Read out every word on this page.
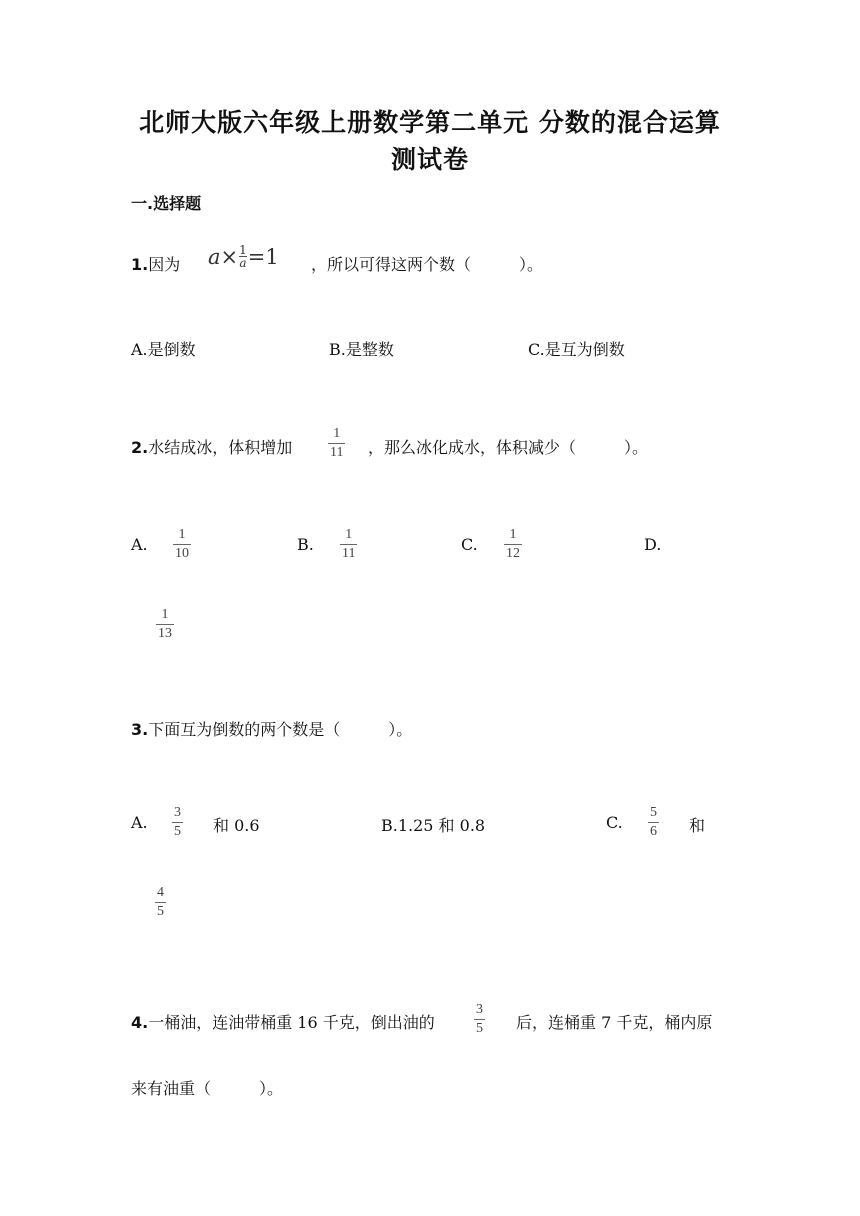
北师大版六年级上册数学第二单元 分数的混合运算
测试卷
一.选择题
1.因为 $a \times \frac{1}{a} =1$ ，所以可得这两个数（　　　）。
A.是倒数	B.是整数	C.是互为倒数
2.水结成冰，体积增加
1
11 ，那么冰化成水，体积减少（　　　）。
A.
1
10	B.
1
11	C.
1
12	D.
1
13
3.下面互为倒数的两个数是（　　　）。
A.
3
5 和 0.6	B.1.25 和 0.8	C.
5
6 和
4
5
4.一桶油，连油带桶重 16 千克，倒出油的
3
5 后，连桶重 7 千克，桶内原
来有油重（　　　）。
